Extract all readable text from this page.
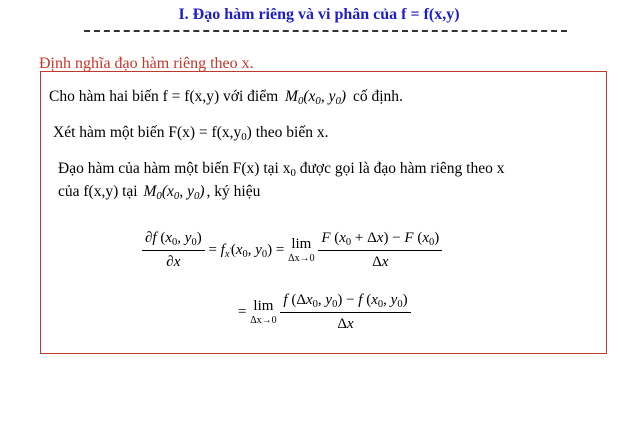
I. Đạo hàm riêng và vi phân của f = f(x,y)
Định nghĩa đạo hàm riêng theo x.
Cho hàm hai biến f = f(x,y) với điểm $M_0(x_0$, $y_0$) cố định.
Xét hàm một biến $F(x) = f(x,y_0)$ theo biến x.
Đạo hàm của hàm một biến F(x) tại $x_0$ được gọi là đạo hàm riêng theo x
của f(x,y) tại $M_0(x_0$, $y_0$) , ký hiệu
$\frac{\partial f (x_0, y_0)}{\partial x} = f_{x'}(x_0$, $y_0) = \lim$
Δx→0
$\frac{F (x_0 + \Delta x) - F (x_0)}{\Delta x}$
= lim
Δx→0
$\frac{f (\Delta x_0, y_0) - f (x_0, y_0)}{\Delta x}$
